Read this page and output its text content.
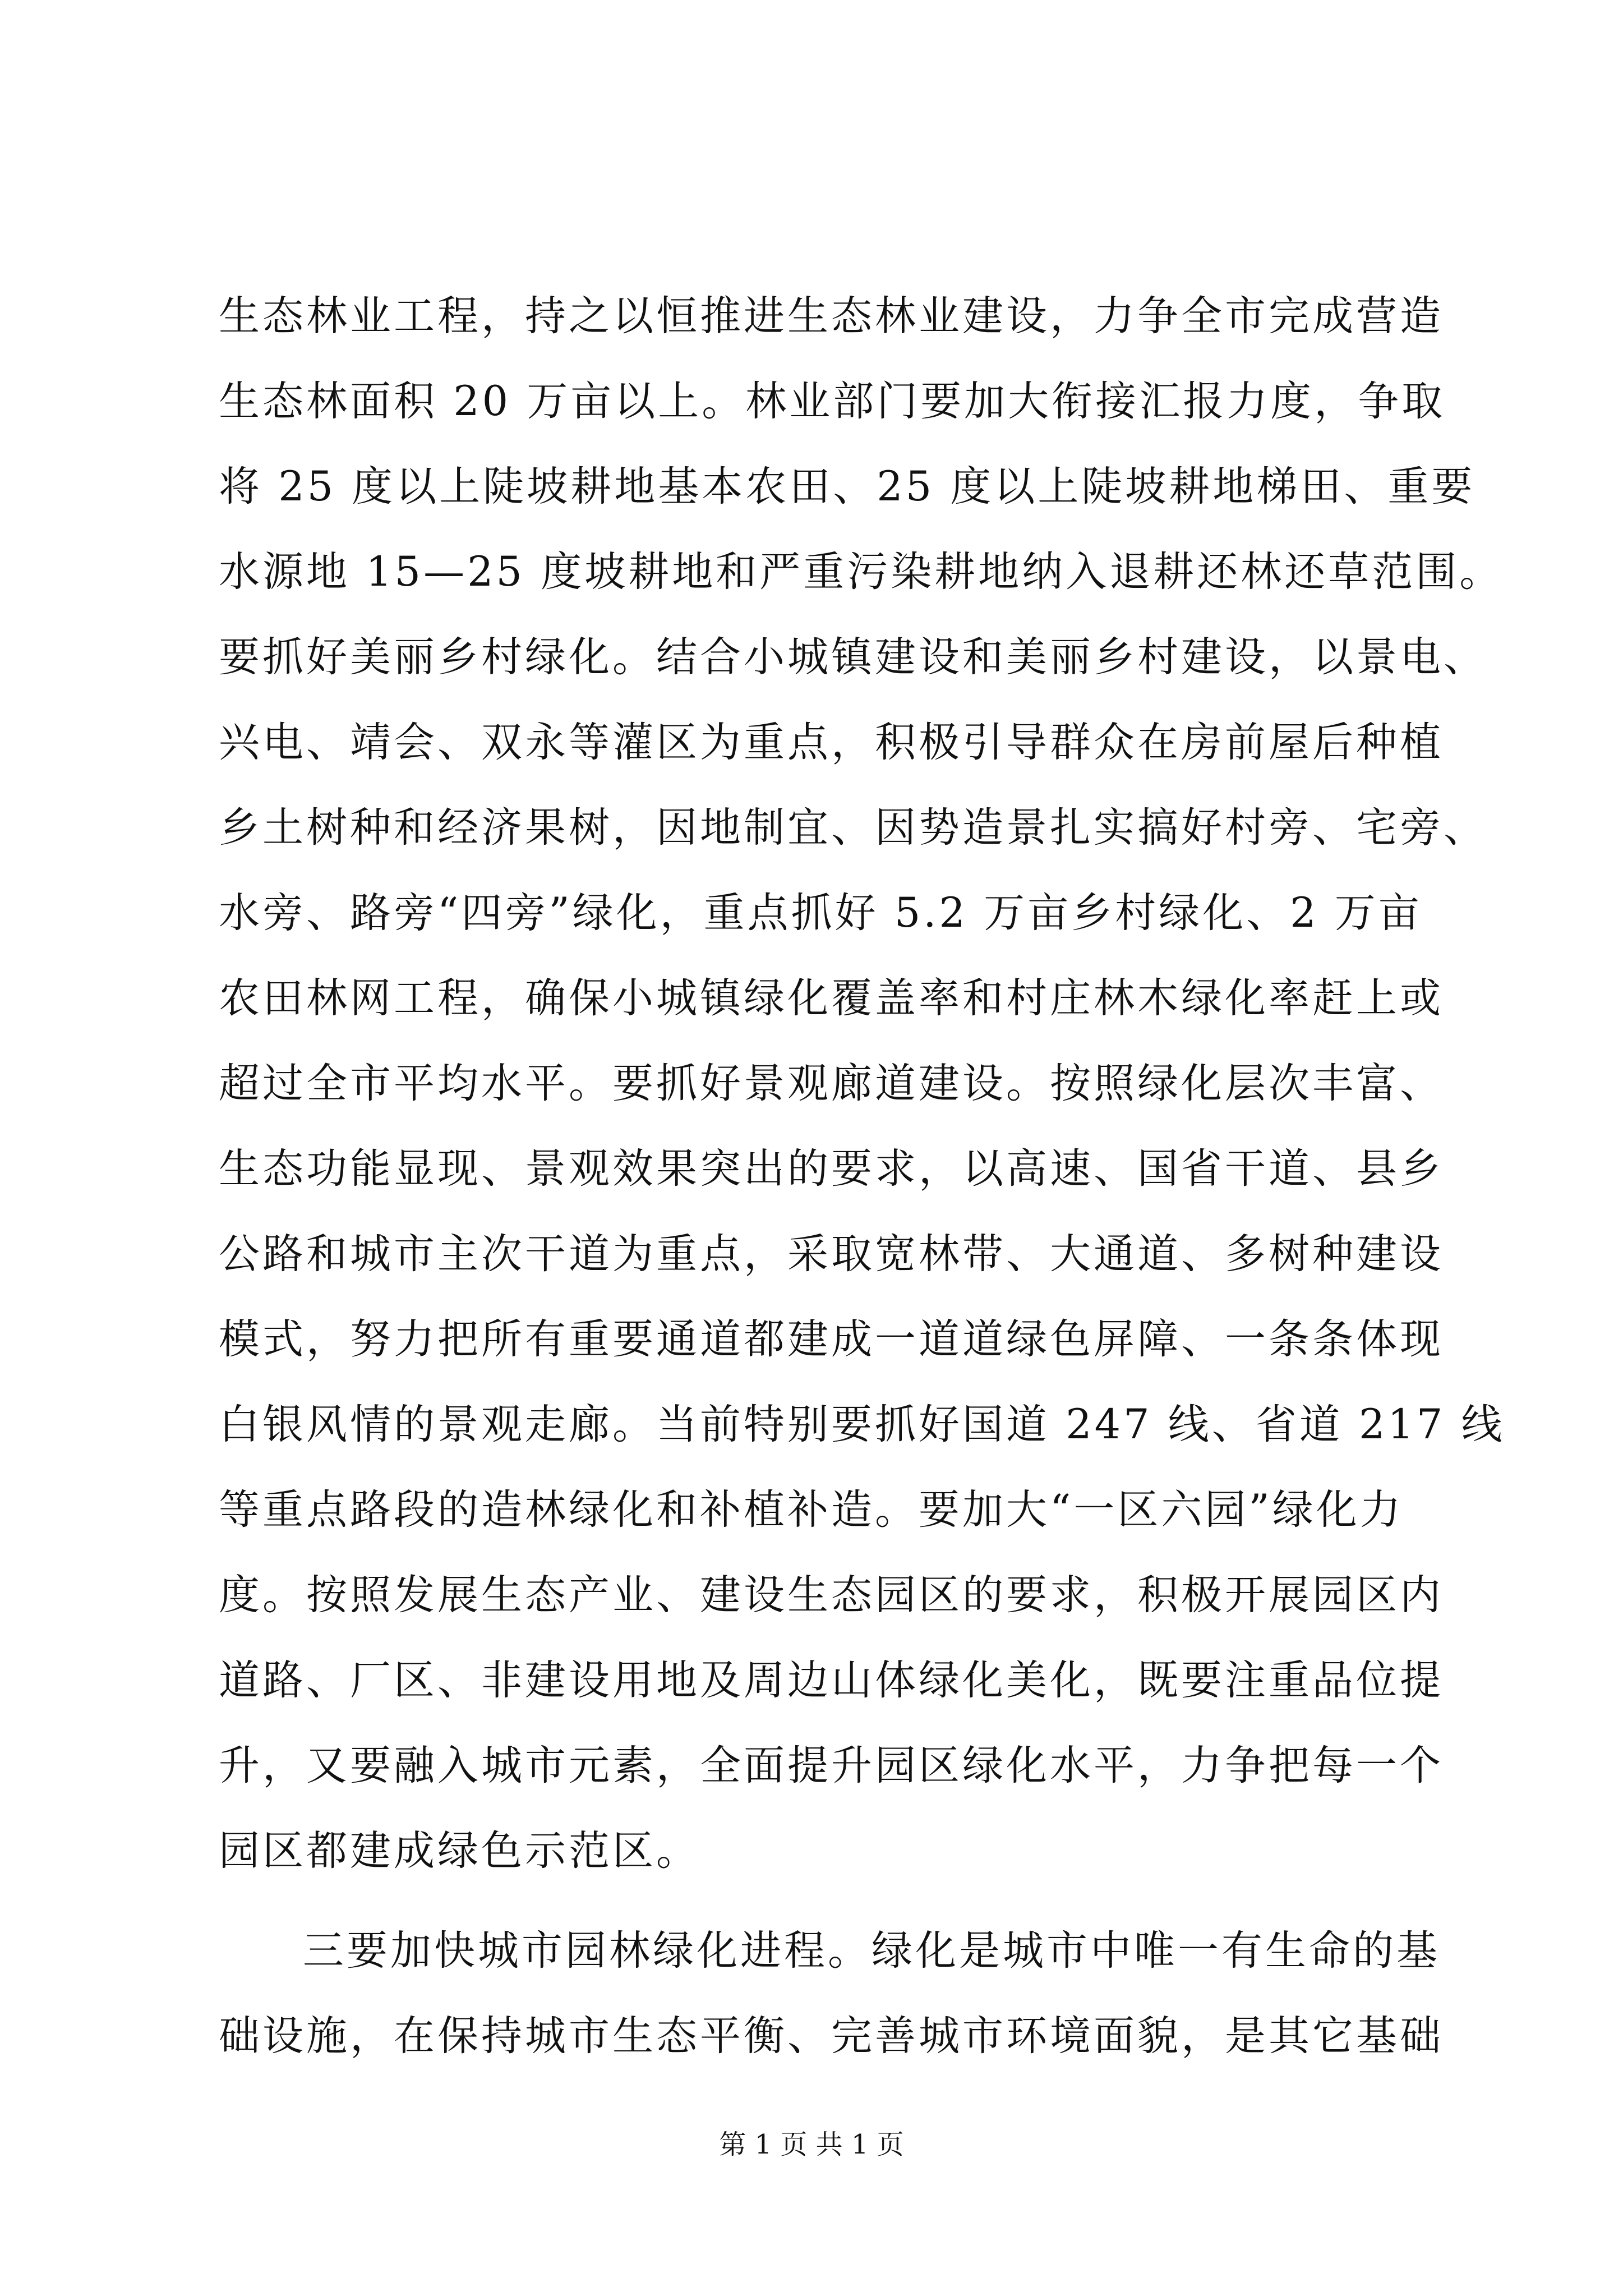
生态林业工程，持之以恒推进生态林业建设，力争全市完成营造
生态林面积 20 万亩以上。林业部门要加大衔接汇报力度，争取
将 25 度以上陡坡耕地基本农田、25 度以上陡坡耕地梯田、重要
水源地 15—25 度坡耕地和严重污染耕地纳入退耕还林还草范围。
要抓好美丽乡村绿化。结合小城镇建设和美丽乡村建设，以景电、
兴电、靖会、双永等灌区为重点，积极引导群众在房前屋后种植
乡土树种和经济果树，因地制宜、因势造景扎实搞好村旁、宅旁、
水旁、路旁“四旁”绿化，重点抓好 5.2 万亩乡村绿化、2 万亩
农田林网工程，确保小城镇绿化覆盖率和村庄林木绿化率赶上或
超过全市平均水平。要抓好景观廊道建设。按照绿化层次丰富、
生态功能显现、景观效果突出的要求，以高速、国省干道、县乡
公路和城市主次干道为重点，采取宽林带、大通道、多树种建设
模式，努力把所有重要通道都建成一道道绿色屏障、一条条体现
白银风情的景观走廊。当前特别要抓好国道 247 线、省道 217 线
等重点路段的造林绿化和补植补造。要加大“一区六园”绿化力
度。按照发展生态产业、建设生态园区的要求，积极开展园区内
道路、厂区、非建设用地及周边山体绿化美化，既要注重品位提
升，又要融入城市元素，全面提升园区绿化水平，力争把每一个
园区都建成绿色示范区。
三要加快城市园林绿化进程。绿化是城市中唯一有生命的基
础设施，在保持城市生态平衡、完善城市环境面貌，是其它基础
第 1 页 共 1 页
